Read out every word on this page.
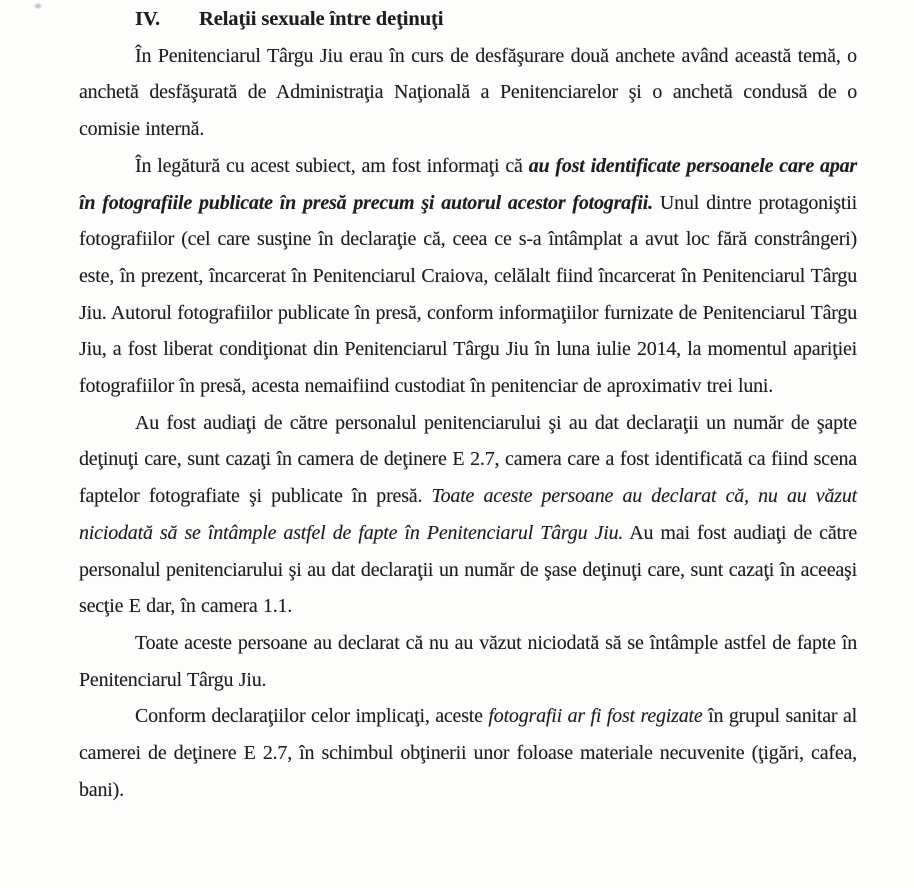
IV. Relaţii sexuale între deţinuţi

În Penitenciarul Târgu Jiu erau în curs de desfăşurare două anchete având această temă, o anchetă desfăşurată de Administraţia Naţională a Penitenciarelor şi o anchetă condusă de o comisie internă.

În legătură cu acest subiect, am fost informaţi că au fost identificate persoanele care apar în fotografiile publicate în presă precum şi autorul acestor fotografii. Unul dintre protagoniştii fotografiilor (cel care susţine în declaraţie că, ceea ce s-a întâmplat a avut loc fără constrângeri) este, în prezent, încarcerat în Penitenciarul Craiova, celălalt fiind încarcerat în Penitenciarul Târgu Jiu. Autorul fotografiilor publicate în presă, conform informaţiilor furnizate de Penitenciarul Târgu Jiu, a fost liberat condiţionat din Penitenciarul Târgu Jiu în luna iulie 2014, la momentul apariţiei fotografiilor în presă, acesta nemaifiind custodiat în penitenciar de aproximativ trei luni.

Au fost audiaţi de către personalul penitenciarului şi au dat declaraţii un număr de şapte deţinuţi care, sunt cazaţi în camera de deţinere E 2.7, camera care a fost identificată ca fiind scena faptelor fotografiate şi publicate în presă. Toate aceste persoane au declarat că, nu au văzut niciodată să se întâmple astfel de fapte în Penitenciarul Târgu Jiu. Au mai fost audiaţi de către personalul penitenciarului şi au dat declaraţii un număr de şase deţinuţi care, sunt cazaţi în aceeaşi secţie E dar, în camera 1.1.

Toate aceste persoane au declarat că nu au văzut niciodată să se întâmple astfel de fapte în Penitenciarul Târgu Jiu.

Conform declaraţiilor celor implicaţi, aceste fotografii ar fi fost regizate în grupul sanitar al camerei de deţinere E 2.7, în schimbul obţinerii unor foloase materiale necuvenite (ţigări, cafea, bani).
